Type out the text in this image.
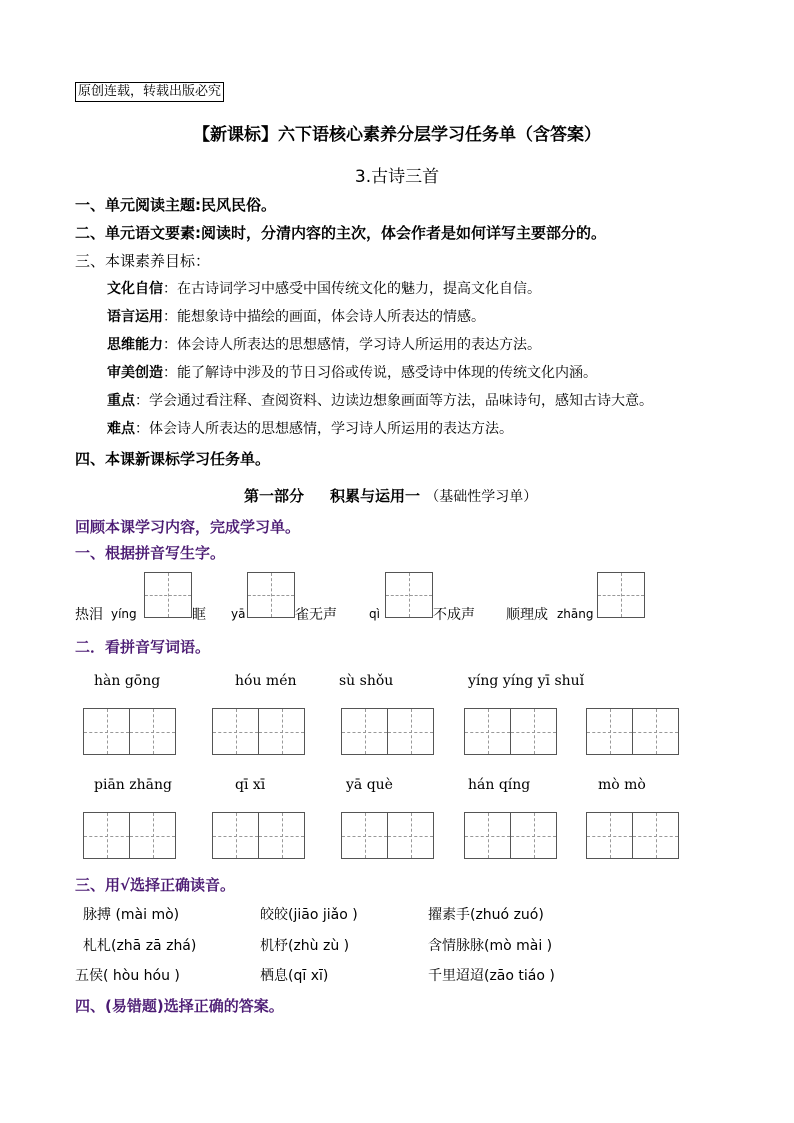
原创连载，转载出版必究
【新课标】六下语核心素养分层学习任务单（含答案）
3.古诗三首
一、单元阅读主题:民风民俗。
二、单元语文要素:阅读时，分清内容的主次，体会作者是如何详写主要部分的。
三、本课素养目标：
文化自信：在古诗词学习中感受中国传统文化的魅力，提高文化自信。
语言运用：能想象诗中描绘的画面，体会诗人所表达的情感。
思维能力：体会诗人所表达的思想感情，学习诗人所运用的表达方法。
审美创造：能了解诗中涉及的节日习俗或传说，感受诗中体现的传统文化内涵。
重点：学会通过看注释、查阅资料、边读边想象画面等方法，品味诗句，感知古诗大意。
难点：体会诗人所表达的思想感情，学习诗人所运用的表达方法。
四、本课新课标学习任务单。
第一部分 积累与运用一 （基础性学习单）
回顾本课学习内容，完成学习单。
一、根据拼音写生字。
热泪 yíng	眶 yā	雀无声	qì	不成声 顺理成 zhāng
二．看拼音写词语。
hàn gōng	hóu mén	sù shǒu	yíng yíng yī shuǐ
piān zhāng	qī xī	yā què	hán qíng	mò mò
三、用√选择正确读音。
脉搏 (mài mò)	皎皎(jiāo jiǎo )	擢素手(zhuó zuó)
札札(zhā zā zhá)	机杼(zhù zù )	含情脉脉(mò mài )
五侯( hòu hóu )	栖息(qī xī)	千里迢迢(zāo tiáo )
四、(易错题)选择正确的答案。
